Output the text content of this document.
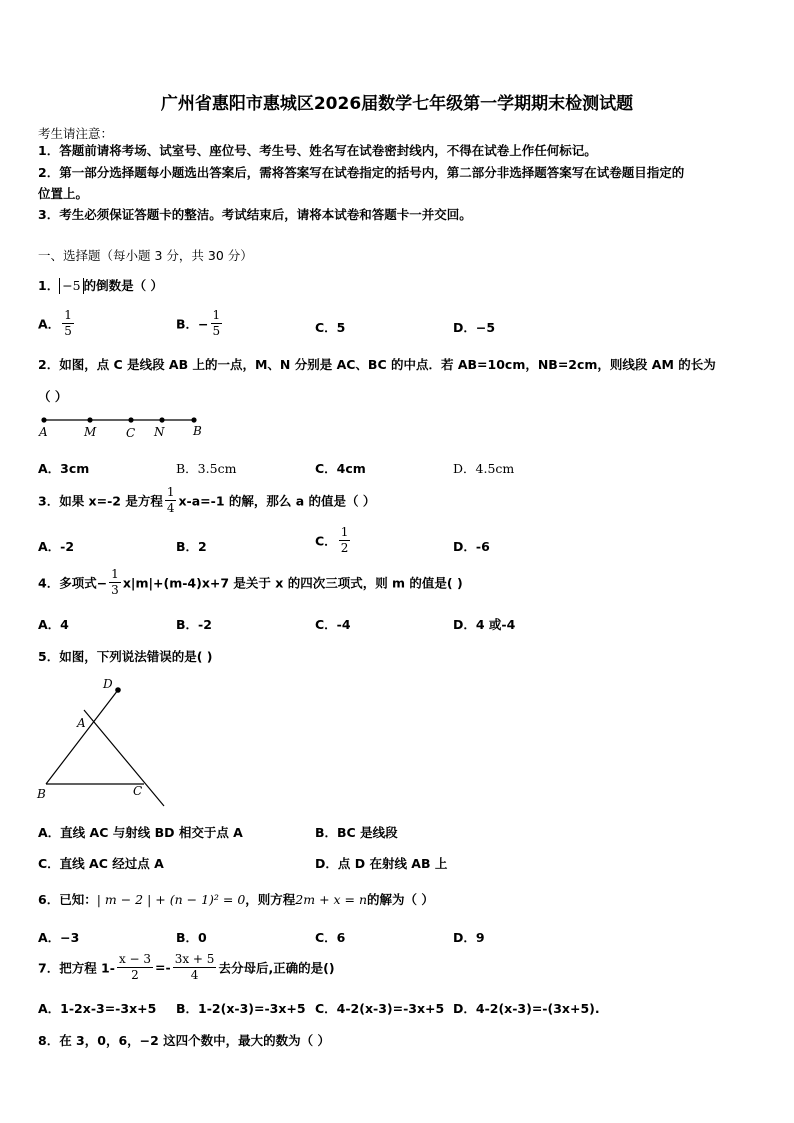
广州省惠阳市惠城区2026届数学七年级第一学期期末检测试题
考生请注意：
1．答题前请将考场、试室号、座位号、考生号、姓名写在试卷密封线内，不得在试卷上作任何标记。
2．第一部分选择题每小题选出答案后，需将答案写在试卷指定的括号内，第二部分非选择题答案写在试卷题目指定的
位置上。
3．考生必须保证答题卡的整洁。考试结束后，请将本试卷和答题卡一并交回。
一、选择题（每小题 3 分，共 30 分）
1． −5 的倒数是（ ）
A． $\frac{1}{5}$	B．− $\frac{1}{5}$	C．5	D．−5
2．如图，点 C 是线段 AB 上的一点，M、N 分别是 AC、BC 的中点．若 AB=10cm，NB=2cm，则线段 AM 的长为
（ ）
A	M C N B
A．3cm	B．3.5cm	C．4cm	D．4.5cm
3．如果 x=-2 是方程 $\frac{1}{4} x-a=-1$ 的解，那么 a 的值是（ ）
A．-2	B．2	C． $\frac{1}{2}$	D．-6
4．多项式− $\frac{1}{3} x|m|+(m-4)x+7$ 是关于 x 的四次三项式，则 m 的值是( )
A．4	B．-2	C．-4	D．4 或-4
5．如图，下列说法错误的是( )
D
A
B	C
A．直线 AC 与射线 BD 相交于点 A	B．BC 是线段
C．直线 AC 经过点 A	D．点 D 在射线 AB 上
6．已知：| m − 2 | + (n − 1)² = 0，则方程2m + x = n的解为（ ）
A．−3	B．0	C．6	D．9
7．把方程 $1- \frac{x - 3}{2} =- \frac{3x + 5}{4}$ 去分母后,正确的是()
A．1-2x-3=-3x+5 B．1-2(x-3)=-3x+5 C．4-2(x-3)=-3x+5 D．4-2(x-3)=-(3x+5).
8．在 3，0，6，−2 这四个数中，最大的数为（ ）
